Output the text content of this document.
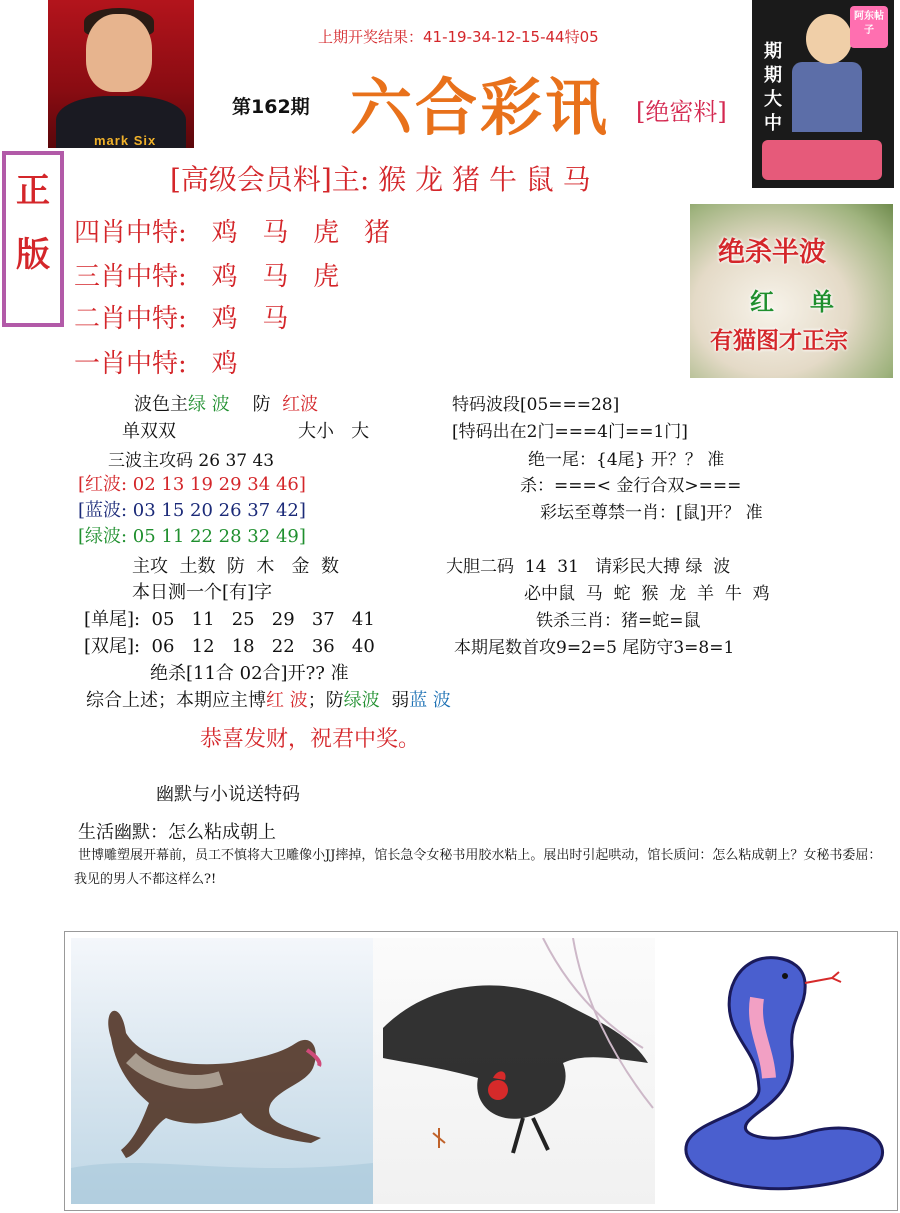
mark Six
期期大中
阿东帖子
上期开奖结果：41-19-34-12-15-44特05
第162期 六合彩讯 [绝密料]
正
版
[高级会员料]主: 猴 龙 猪 牛 鼠 马
四肖中特: 鸡   马   虎   猪
三肖中特: 鸡   马   虎
二肖中特: 鸡   马
一肖中特: 鸡
绝杀半波
红 单
有猫图才正宗
波色主绿 波 防 红波
单双双	大小   大
三波主攻码 26 37 43
[红波: 02 13 19 29 34 46]
[蓝波: 03 15 20 26 37 42]
[绿波: 05 11 22 28 32 49]
主攻  土数  防  木   金  数
本日测一个[有]字
[单尾]:  05   11   25   29   37   41
[双尾]:  06   12   18   22   36   40
绝杀[11合 02合]开?? 准
特码波段[05===28]
[特码出在2门===4门==1门]
绝一尾：{4尾} 开？？ 准
杀：===< 金行合双>===
彩坛至尊禁一肖：[鼠]开？ 准
大胆二码  14  31   请彩民大搏 绿  波
必中鼠  马  蛇  猴  龙  羊  牛  鸡
铁杀三肖：猪=蛇=鼠
本期尾数首攻9=2=5 尾防守3=8=1
综合上述；本期应主博红 波；防绿波 弱蓝 波
恭喜发财，祝君中奖。
幽默与小说送特码
生活幽默：怎么粘成朝上
世博雕塑展开幕前，员工不慎将大卫雕像小JJ摔掉，馆长急令女秘书用胶水粘上。展出时引起哄动，馆长质问：怎么粘成朝上？女秘书委屈：我见的男人不都这样么?!
